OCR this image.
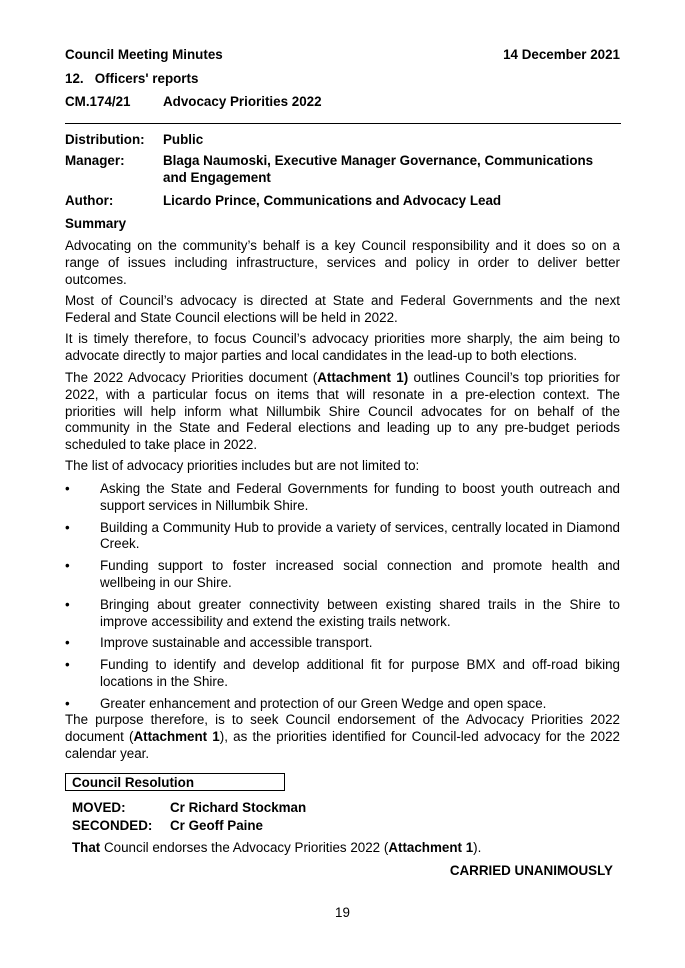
Council Meeting Minutes	14 December 2021
12.   Officers' reports
CM.174/21 Advocacy Priorities 2022
Distribution: Public
Manager:	Blaga Naumoski, Executive Manager Governance, Communications and Engagement
Author:	Licardo Prince, Communications and Advocacy Lead
Summary

Advocating on the community’s behalf is a key Council responsibility and it does so on a range of issues including infrastructure, services and policy in order to deliver better outcomes.

Most of Council’s advocacy is directed at State and Federal Governments and the next Federal and State Council elections will be held in 2022.

It is timely therefore, to focus Council’s advocacy priorities more sharply, the aim being to advocate directly to major parties and local candidates in the lead-up to both elections.

The 2022 Advocacy Priorities document (Attachment 1) outlines Council’s top priorities for 2022, with a particular focus on items that will resonate in a pre-election context. The priorities will help inform what Nillumbik Shire Council advocates for on behalf of the community in the State and Federal elections and leading up to any pre-budget periods scheduled to take place in 2022.

The list of advocacy priorities includes but are not limited to:

•	Asking the State and Federal Governments for funding to boost youth outreach and support services in Nillumbik Shire.
•	Building a Community Hub to provide a variety of services, centrally located in Diamond Creek.
•	Funding support to foster increased social connection and promote health and wellbeing in our Shire.
•	Bringing about greater connectivity between existing shared trails in the Shire to improve accessibility and extend the existing trails network.
•	Improve sustainable and accessible transport.
•	Funding to identify and develop additional fit for purpose BMX and off-road biking locations in the Shire.
•	Greater enhancement and protection of our Green Wedge and open space.

The purpose therefore, is to seek Council endorsement of the Advocacy Priorities 2022 document (Attachment 1), as the priorities identified for Council-led advocacy for the 2022 calendar year.

Council Resolution
MOVED:	Cr Richard Stockman
SECONDED: Cr Geoff Paine
That Council endorses the Advocacy Priorities 2022 (Attachment 1).
CARRIED UNANIMOUSLY
19
